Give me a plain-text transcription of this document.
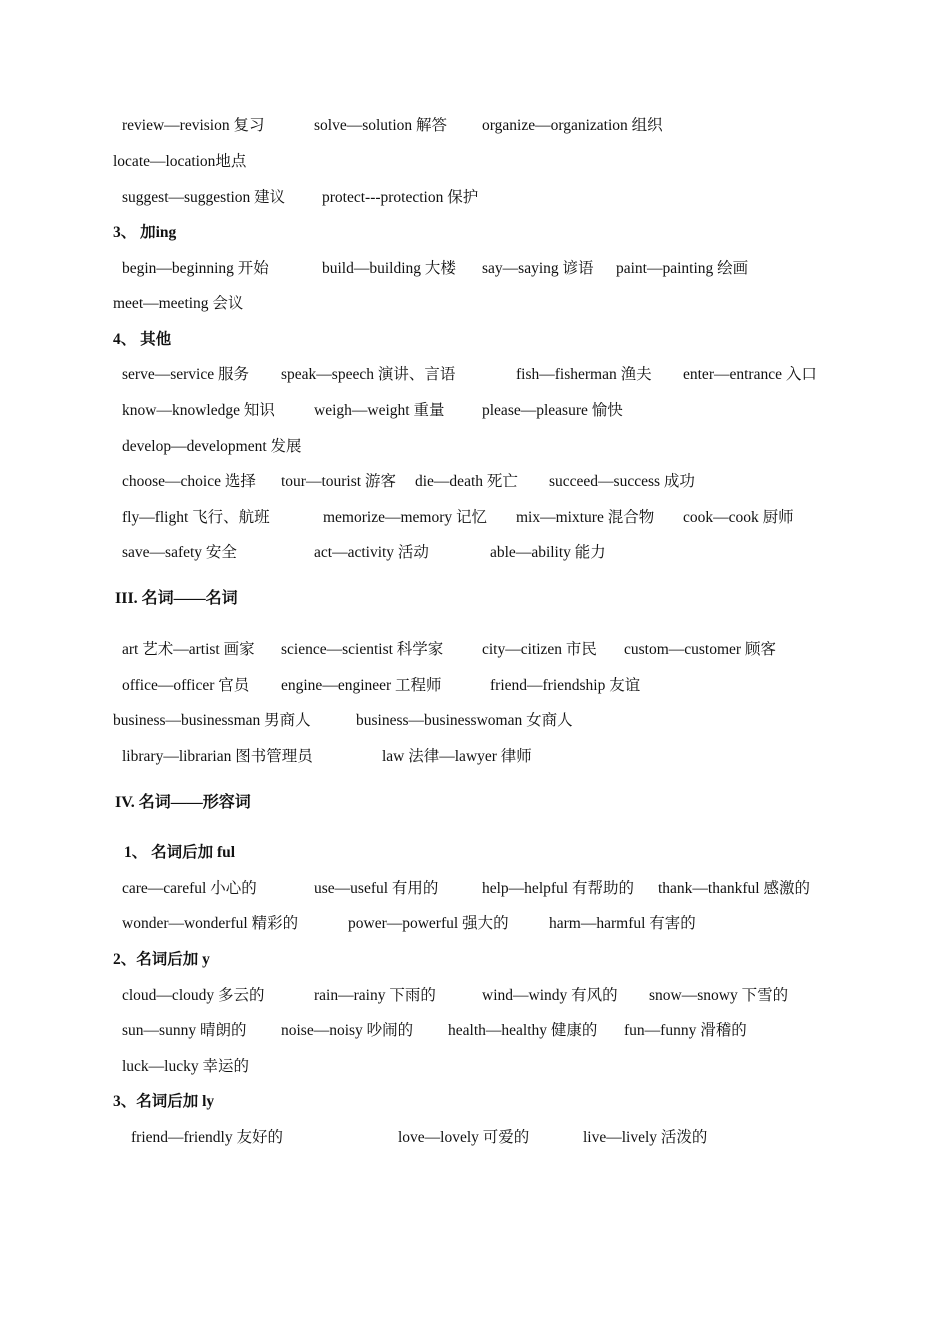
review—revision 复习	solve—solution 解答 organize—organization 组织
locate—location地点
suggest—suggestion 建议 protect---protection 保护
3、 加ing
begin—beginning 开始	build—building 大楼 say—saying 谚语 paint—painting 绘画
meet—meeting 会议
4、 其他
serve—service 服务 speak—speech 演讲、言语	fish—fisherman 渔夫 enter—entrance 入口
know—knowledge 知识	weigh—weight 重量 please—pleasure 愉快
develop—development 发展
choose—choice 选择 tour—tourist 游客 die—death 死亡 succeed—success 成功
fly—flight 飞行、航班	memorize—memory 记忆 mix—mixture 混合物 cook—cook 厨师
save—safety 安全	act—activity 活动	able—ability 能力
III. 名词——名词
art 艺术—artist 画家 science—scientist 科学家 city—citizen 市民 custom—customer 顾客
office—officer 官员 engine—engineer 工程师	friend—friendship 友谊
business—businessman 男商人	business—businesswoman 女商人
library—librarian 图书管理员	law 法律—lawyer 律师
IV. 名词——形容词
1、 名词后加 ful
care—careful 小心的	use—useful 有用的	help—helpful 有帮助的 thank—thankful 感激的
wonder—wonderful 精彩的	power—powerful 强大的	harm—harmful 有害的
2、名词后加 y
cloud—cloudy 多云的	rain—rainy 下雨的	wind—windy 有风的 snow—snowy 下雪的
sun—sunny 晴朗的 noise—noisy 吵闹的 health—healthy 健康的 fun—funny 滑稽的
luck—lucky 幸运的
3、名词后加 ly
friend—friendly 友好的	love—lovely 可爱的	live—lively 活泼的
